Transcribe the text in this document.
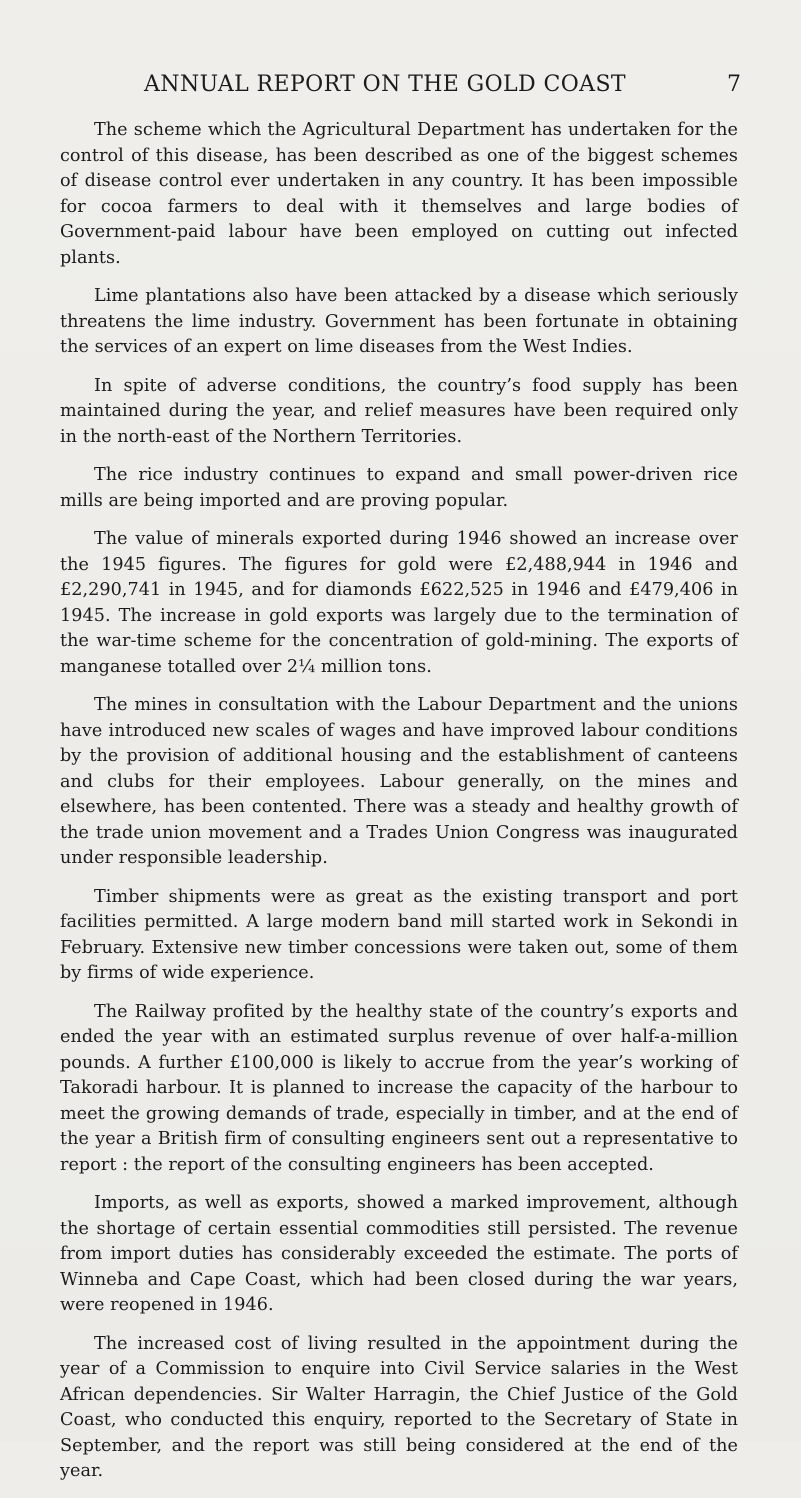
ANNUAL REPORT ON THE GOLD COAST	7

The scheme which the Agricultural Department has undertaken for the control of this disease, has been described as one of the biggest schemes of disease control ever undertaken in any country. It has been impossible for cocoa farmers to deal with it themselves and large bodies of Government-paid labour have been employed on cutting out infected plants.

Lime plantations also have been attacked by a disease which seriously threatens the lime industry. Government has been fortunate in obtaining the services of an expert on lime diseases from the West Indies.

In spite of adverse conditions, the country’s food supply has been maintained during the year, and relief measures have been required only in the north-east of the Northern Territories.

The rice industry continues to expand and small power-driven rice mills are being imported and are proving popular.

The value of minerals exported during 1946 showed an increase over the 1945 figures. The figures for gold were £2,488,944 in 1946 and £2,290,741 in 1945, and for diamonds £622,525 in 1946 and £479,406 in 1945. The increase in gold exports was largely due to the termination of the war-time scheme for the concentration of gold-mining. The exports of manganese totalled over 2¼ million tons.

The mines in consultation with the Labour Department and the unions have introduced new scales of wages and have improved labour conditions by the provision of additional housing and the establishment of canteens and clubs for their employees. Labour generally, on the mines and elsewhere, has been contented. There was a steady and healthy growth of the trade union movement and a Trades Union Congress was inaugurated under responsible leadership.

Timber shipments were as great as the existing transport and port facilities permitted. A large modern band mill started work in Sekondi in February. Extensive new timber concessions were taken out, some of them by firms of wide experience.

The Railway profited by the healthy state of the country’s exports and ended the year with an estimated surplus revenue of over half-a-million pounds. A further £100,000 is likely to accrue from the year’s working of Takoradi harbour. It is planned to increase the capacity of the harbour to meet the growing demands of trade, especially in timber, and at the end of the year a British firm of consulting engineers sent out a representative to report : the report of the consulting engineers has been accepted.

Imports, as well as exports, showed a marked improvement, although the shortage of certain essential commodities still persisted. The revenue from import duties has considerably exceeded the estimate. The ports of Winneba and Cape Coast, which had been closed during the war years, were reopened in 1946.

The increased cost of living resulted in the appointment during the year of a Commission to enquire into Civil Service salaries in the West African dependencies. Sir Walter Harragin, the Chief Justice of the Gold Coast, who conducted this enquiry, reported to the Secretary of State in September, and the report was still being considered at the end of the year.
